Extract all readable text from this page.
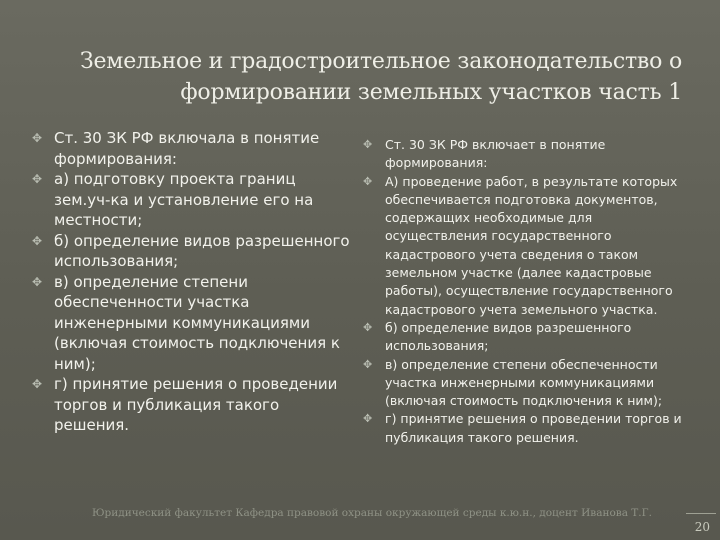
Земельное и градостроительное законодательство о
формировании земельных участков часть 1

✥ Ст. 30 ЗК РФ включала в понятие формирования:

✥ а) подготовку проекта границ зем.уч-ка и установление его на местности;

✥ б) определение видов разрешенного использования;

✥ в) определение степени обеспеченности участка инженерными коммуникациями (включая стоимость подключения к ним);

✥ г) принятие решения о проведении торгов и публикация такого решения.

✥ Ст. 30 ЗК РФ включает в понятие формирования:

✥ А) проведение работ, в результате которых обеспечивается подготовка документов, содержащих необходимые для осуществления государственного кадастрового учета сведения о таком земельном участке (далее кадастровые работы), осуществление государственного кадастрового учета земельного участка.

✥ б) определение видов разрешенного использования;

✥ в) определение степени обеспеченности участка инженерными коммуникациями (включая стоимость подключения к ним);

✥ г) принятие решения о проведении торгов и публикация такого решения.

Юридический факультет Кафедра правовой охраны окружающей среды к.ю.н., доцент Иванова Т.Г.
20
